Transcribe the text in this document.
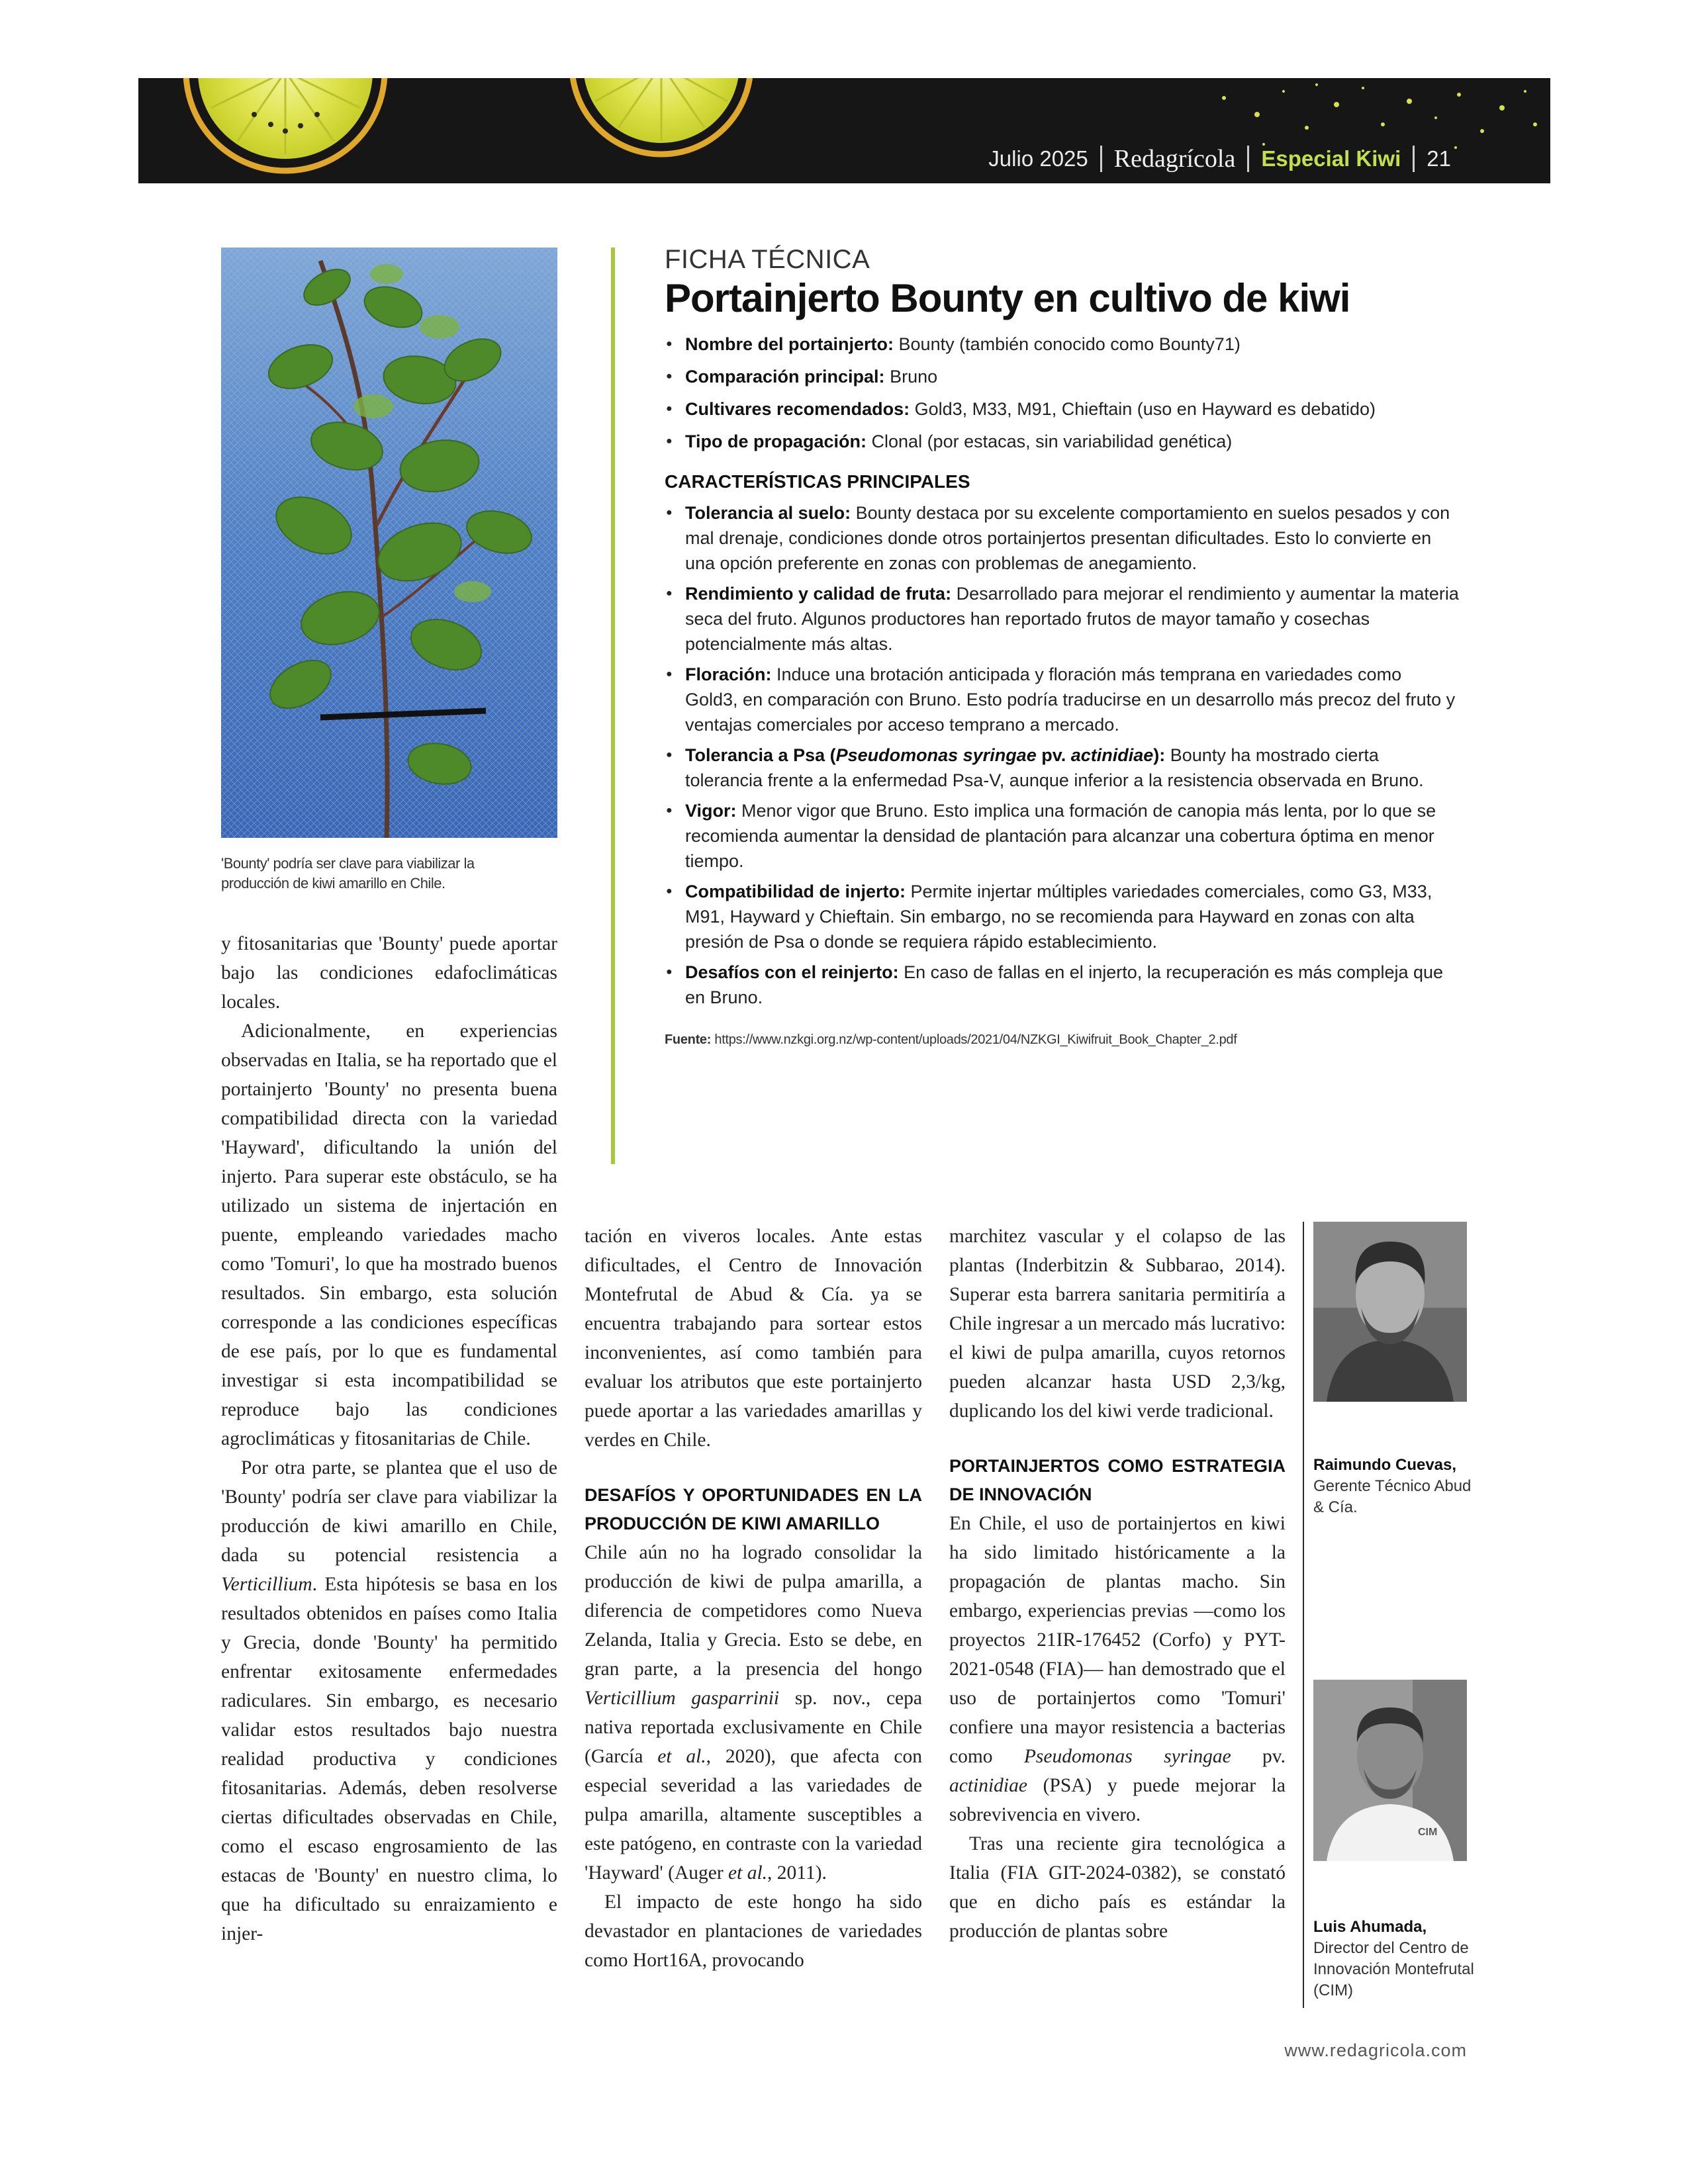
Julio 2025 Redagrícola Especial Kiwi 21
'Bounty' podría ser clave para viabilizar la producción de kiwi amarillo en Chile.
FICHA TÉCNICA
Portainjerto Bounty en cultivo de kiwi
● Nombre del portainjerto: Bounty (también conocido como Bounty71)
● Comparación principal: Bruno
● Cultivares recomendados: Gold3, M33, M91, Chieftain (uso en Hayward es debatido)
● Tipo de propagación: Clonal (por estacas, sin variabilidad genética)
CARACTERÍSTICAS PRINCIPALES
● Tolerancia al suelo: Bounty destaca por su excelente comportamiento en suelos pesados y con mal drenaje, condiciones donde otros portainjertos presentan dificultades. Esto lo convierte en una opción preferente en zonas con problemas de anegamiento.
● Rendimiento y calidad de fruta: Desarrollado para mejorar el rendimiento y aumentar la materia seca del fruto. Algunos productores han reportado frutos de mayor tamaño y cosechas potencialmente más altas.
● Floración: Induce una brotación anticipada y floración más temprana en variedades como Gold3, en comparación con Bruno. Esto podría traducirse en un desarrollo más precoz del fruto y ventajas comerciales por acceso temprano a mercado.
● Tolerancia a Psa (Pseudomonas syringae pv. actinidiae): Bounty ha mostrado cierta tolerancia frente a la enfermedad Psa-V, aunque inferior a la resistencia observada en Bruno.
● Vigor: Menor vigor que Bruno. Esto implica una formación de canopia más lenta, por lo que se recomienda aumentar la densidad de plantación para alcanzar una cobertura óptima en menor tiempo.
● Compatibilidad de injerto: Permite injertar múltiples variedades comerciales, como G3, M33, M91, Hayward y Chieftain. Sin embargo, no se recomienda para Hayward en zonas con alta presión de Psa o donde se requiera rápido establecimiento.
● Desafíos con el reinjerto: En caso de fallas en el injerto, la recuperación es más compleja que en Bruno.
Fuente: https://www.nzkgi.org.nz/wp-content/uploads/2021/04/NZKGI_Kiwifruit_Book_Chapter_2.pdf

y fitosanitarias que 'Bounty' puede aportar bajo las condiciones edafoclimáticas locales.

Adicionalmente, en experiencias observadas en Italia, se ha reportado que el portainjerto 'Bounty' no presenta buena compatibilidad directa con la variedad 'Hayward', dificultando la unión del injerto. Para superar este obstáculo, se ha utilizado un sistema de injertación en puente, empleando variedades macho como 'Tomuri', lo que ha mostrado buenos resultados. Sin embargo, esta solución corresponde a las condiciones específicas de ese país, por lo que es fundamental investigar si esta incompatibilidad se reproduce bajo las condiciones agroclimáticas y fitosanitarias de Chile.

Por otra parte, se plantea que el uso de 'Bounty' podría ser clave para viabilizar la producción de kiwi amarillo en Chile, dada su potencial resistencia a Verticillium. Esta hipótesis se basa en los resultados obtenidos en países como Italia y Grecia, donde 'Bounty' ha permitido enfrentar exitosamente enfermedades radiculares. Sin embargo, es necesario validar estos resultados bajo nuestra realidad productiva y condiciones fitosanitarias. Además, deben resolverse ciertas dificultades observadas en Chile, como el escaso engrosamiento de las estacas de 'Bounty' en nuestro clima, lo que ha dificultado su enraizamiento e injer-

tación en viveros locales. Ante estas dificultades, el Centro de Innovación Montefrutal de Abud & Cía. ya se encuentra trabajando para sortear estos inconvenientes, así como también para evaluar los atributos que este portainjerto puede aportar a las variedades amarillas y verdes en Chile.

DESAFÍOS Y OPORTUNIDADES EN LA PRODUCCIÓN DE KIWI AMARILLO

Chile aún no ha logrado consolidar la producción de kiwi de pulpa amarilla, a diferencia de competidores como Nueva Zelanda, Italia y Grecia. Esto se debe, en gran parte, a la presencia del hongo Verticillium gasparrinii sp. nov., cepa nativa reportada exclusivamente en Chile (García et al., 2020), que afecta con especial severidad a las variedades de pulpa amarilla, altamente susceptibles a este patógeno, en contraste con la variedad 'Hayward' (Auger et al., 2011).

El impacto de este hongo ha sido devastador en plantaciones de variedades como Hort16A, provocando

marchitez vascular y el colapso de las plantas (Inderbitzin & Subbarao, 2014). Superar esta barrera sanitaria permitiría a Chile ingresar a un mercado más lucrativo: el kiwi de pulpa amarilla, cuyos retornos pueden alcanzar hasta USD 2,3/kg, duplicando los del kiwi verde tradicional.

PORTAINJERTOS COMO ESTRATEGIA DE INNOVACIÓN

En Chile, el uso de portainjertos en kiwi ha sido limitado históricamente a la propagación de plantas macho. Sin embargo, experiencias previas —como los proyectos 21IR-176452 (Corfo) y PYT-2021-0548 (FIA)— han demostrado que el uso de portainjertos como 'Tomuri' confiere una mayor resistencia a bacterias como Pseudomonas syringae pv. actinidiae (PSA) y puede mejorar la sobrevivencia en vivero.

Tras una reciente gira tecnológica a Italia (FIA GIT-2024-0382), se constató que en dicho país es estándar la producción de plantas sobre

Raimundo Cuevas,
Gerente Técnico Abud & Cía.
CIM
Luis Ahumada,
Director del Centro de Innovación Montefrutal (CIM)
www.redagricola.com
